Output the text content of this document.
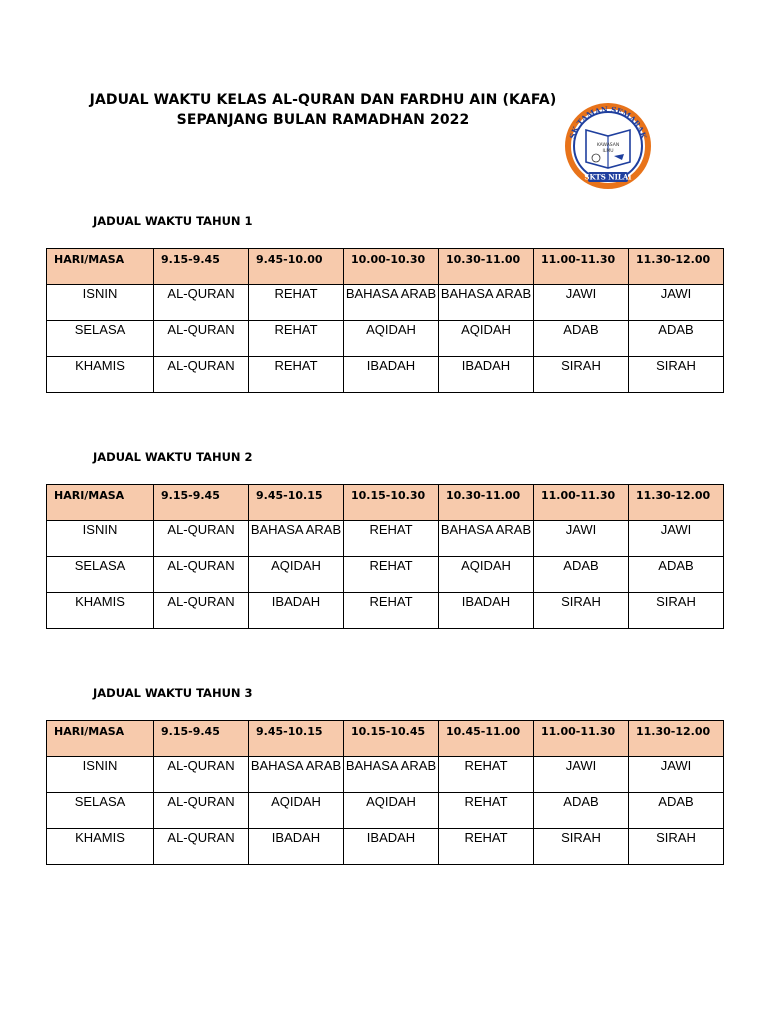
JADUAL WAKTU KELAS AL-QURAN DAN FARDHU AIN (KAFA)
SEPANJANG BULAN RAMADHAN 2022
SK TAMAN SEMARAK
KAWASAN
ILMU
SKTS NILAI
JADUAL WAKTU TAHUN 1
HARI/MASA	9.15-9.45	9.45-10.00	10.00-10.30	10.30-11.00	11.00-11.30	11.30-12.00
ISNIN	AL-QURAN	REHAT	BAHASA ARAB	BAHASA ARAB	JAWI	JAWI
SELASA	AL-QURAN	REHAT	AQIDAH	AQIDAH	ADAB	ADAB
KHAMIS	AL-QURAN	REHAT	IBADAH	IBADAH	SIRAH	SIRAH
JADUAL WAKTU TAHUN 2
HARI/MASA	9.15-9.45	9.45-10.15	10.15-10.30	10.30-11.00	11.00-11.30	11.30-12.00
ISNIN	AL-QURAN	BAHASA ARAB	REHAT	BAHASA ARAB	JAWI	JAWI
SELASA	AL-QURAN	AQIDAH	REHAT	AQIDAH	ADAB	ADAB
KHAMIS	AL-QURAN	IBADAH	REHAT	IBADAH	SIRAH	SIRAH
JADUAL WAKTU TAHUN 3
HARI/MASA	9.15-9.45	9.45-10.15	10.15-10.45	10.45-11.00	11.00-11.30	11.30-12.00
ISNIN	AL-QURAN	BAHASA ARAB	BAHASA ARAB	REHAT	JAWI	JAWI
SELASA	AL-QURAN	AQIDAH	AQIDAH	REHAT	ADAB	ADAB
KHAMIS	AL-QURAN	IBADAH	IBADAH	REHAT	SIRAH	SIRAH
